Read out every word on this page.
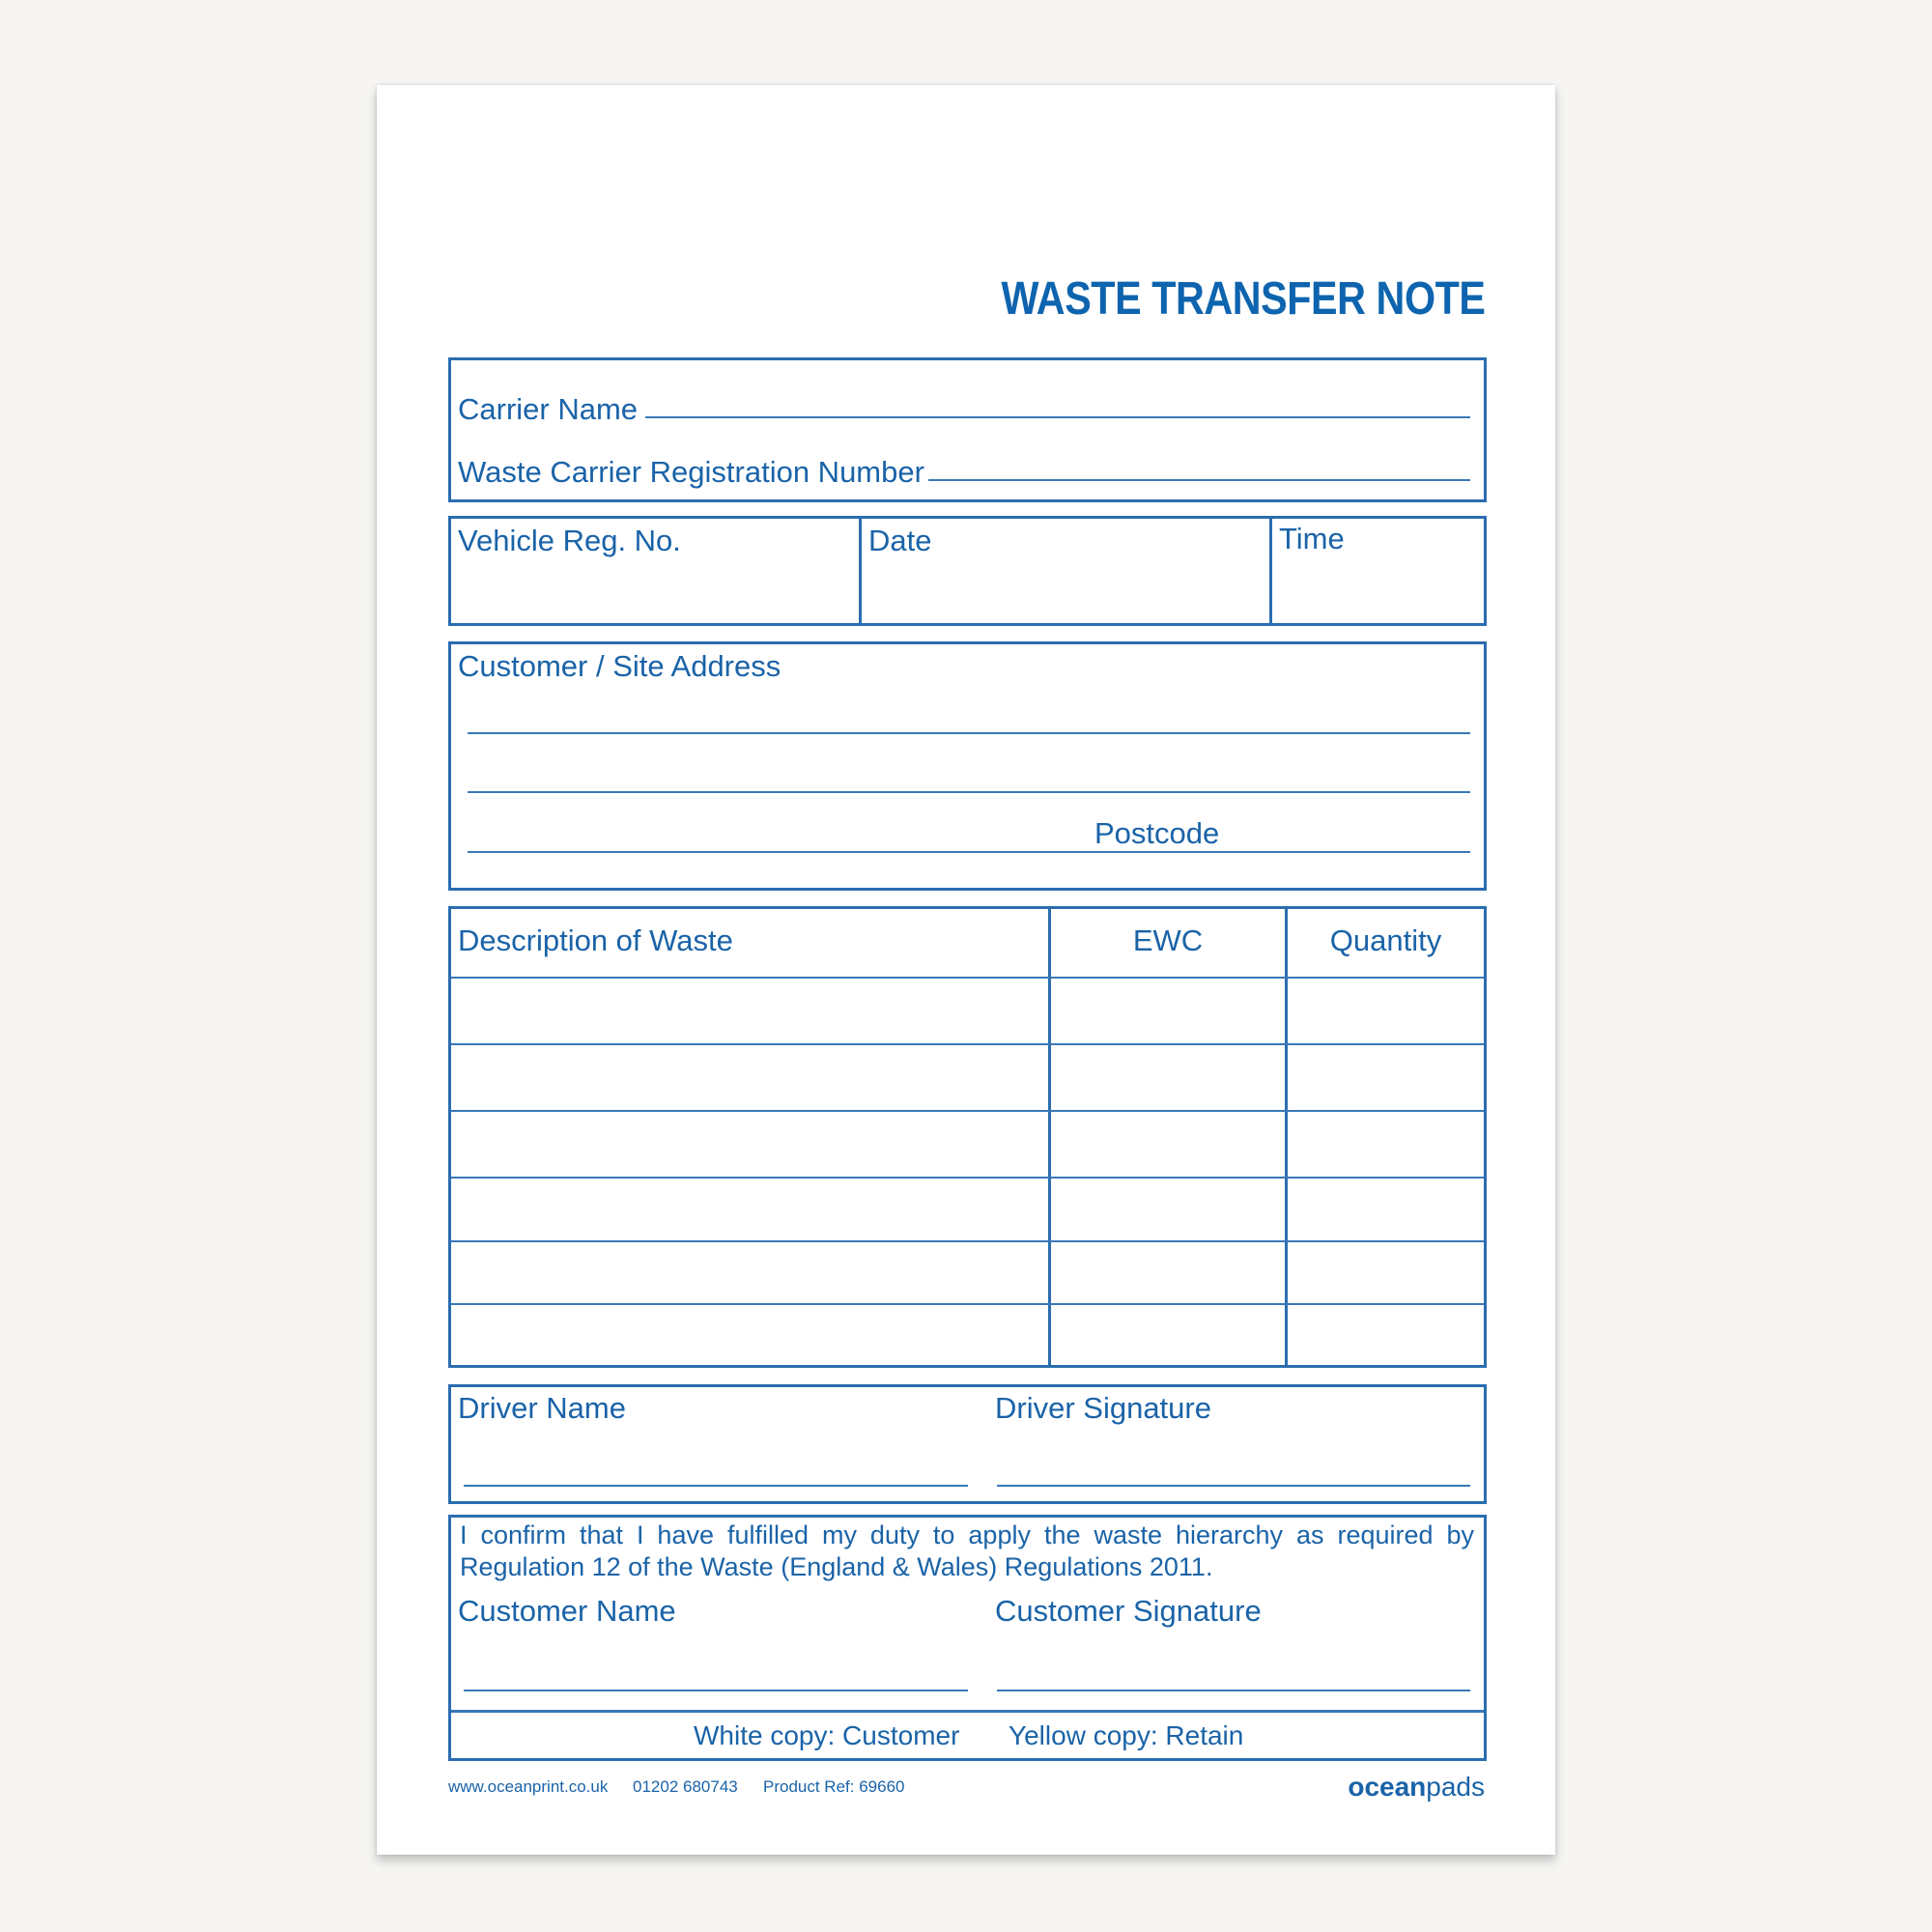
WASTE TRANSFER NOTE
Carrier Name
Waste Carrier Registration Number
Vehicle Reg. No.	Date	Time
Customer / Site Address
Postcode
Description of Waste	EWC	Quantity
Driver Name	Driver Signature
I confirm that I have fulfilled my duty to apply the waste hierarchy as required by Regulation 12 of the Waste (England & Wales) Regulations 2011.
Customer Name	Customer Signature
White copy: Customer Yellow copy: Retain
www.oceanprint.co.uk 01202 680743 Product Ref: 69660	oceanpads
